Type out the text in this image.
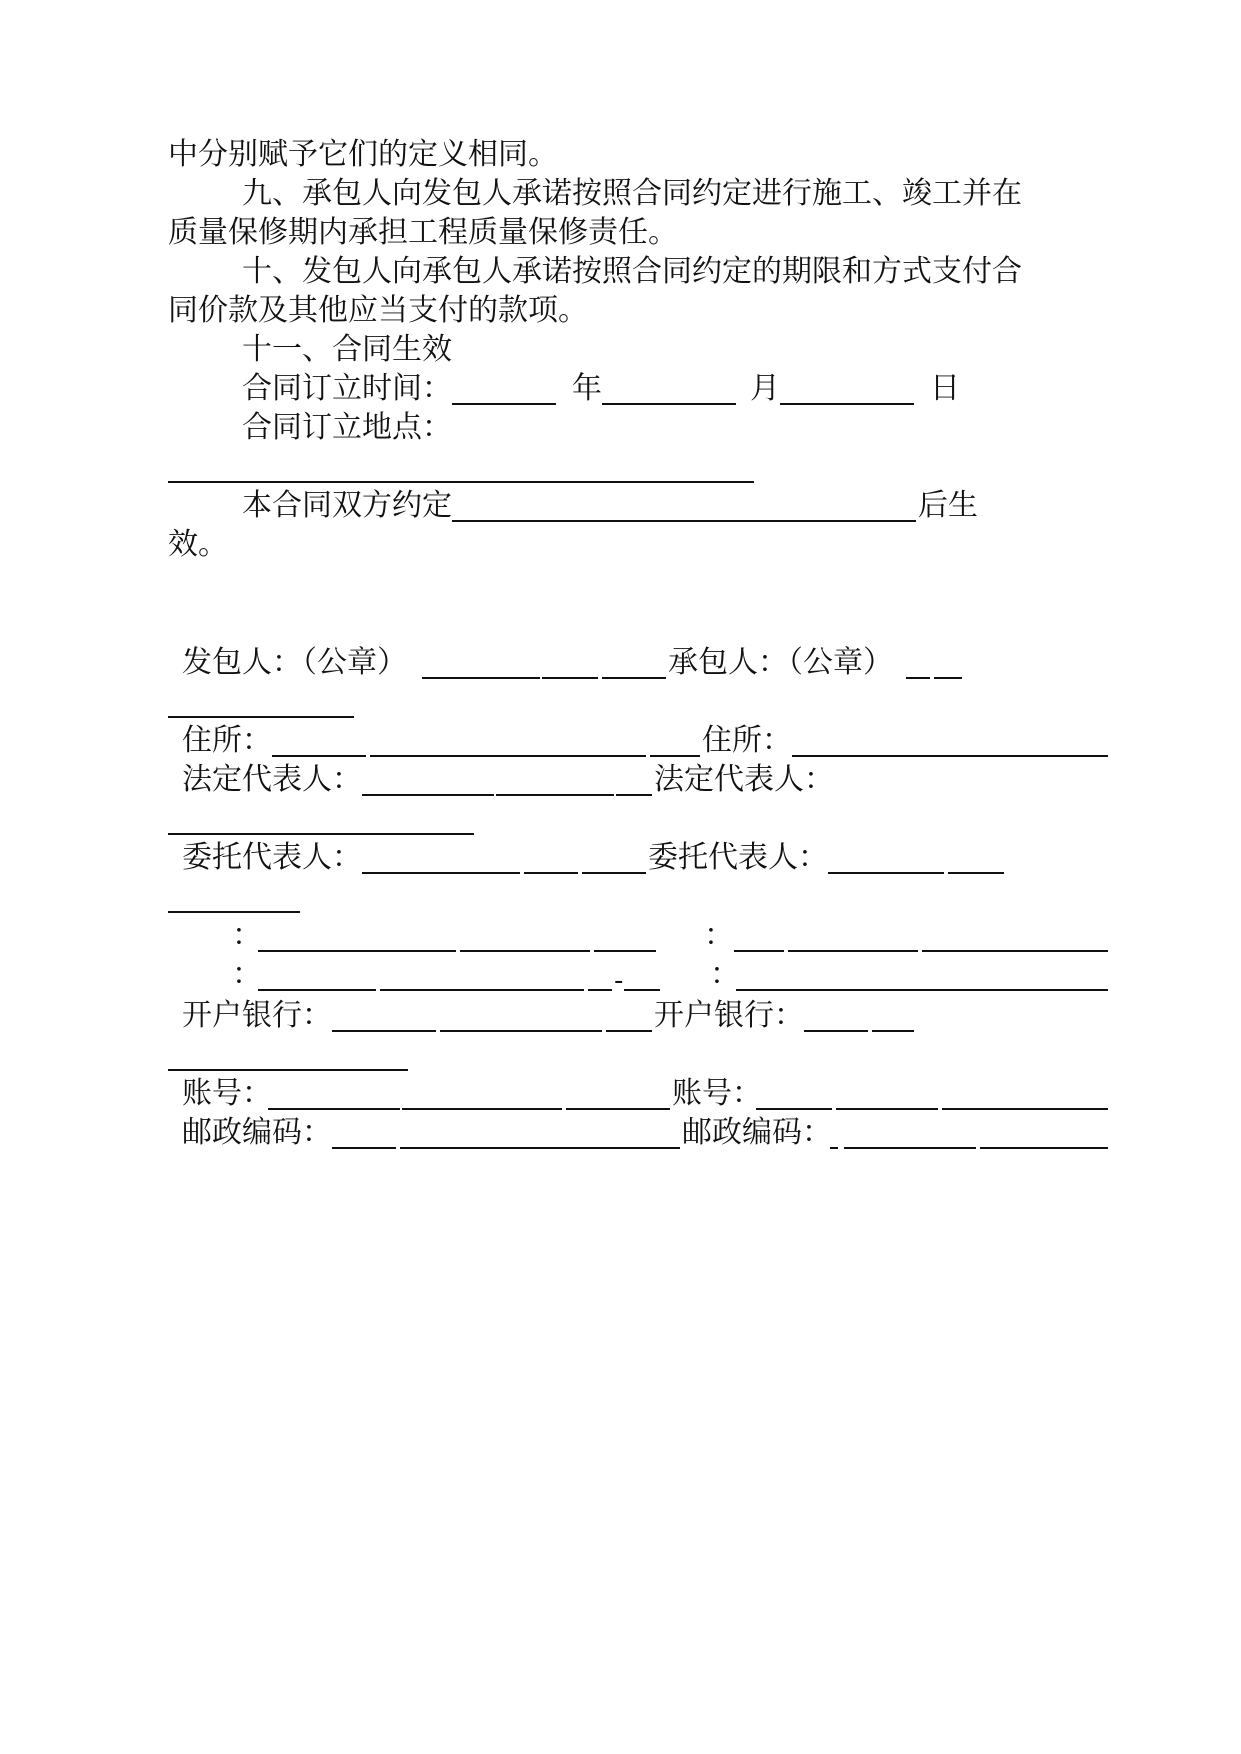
中分别赋予它们的定义相同。
九、承包人向发包人承诺按照合同约定进行施工、竣工并在
质量保修期内承担工程质量保修责任。
十、发包人向承包人承诺按照合同约定的期限和方式支付合
同价款及其他应当支付的款项。
十一、合同生效
合同订立时间：	年	月	日
合同订立地点：
本合同双方约定	后生
效。
发包人：（公章）	承包人：（公章）
住所：	住所：
法定代表人：	法定代表人：
委托代表人：	委托代表人：
：	：
：	-	：
开户银行：	开户银行：
账号：	账号：
邮政编码：	邮政编码：
